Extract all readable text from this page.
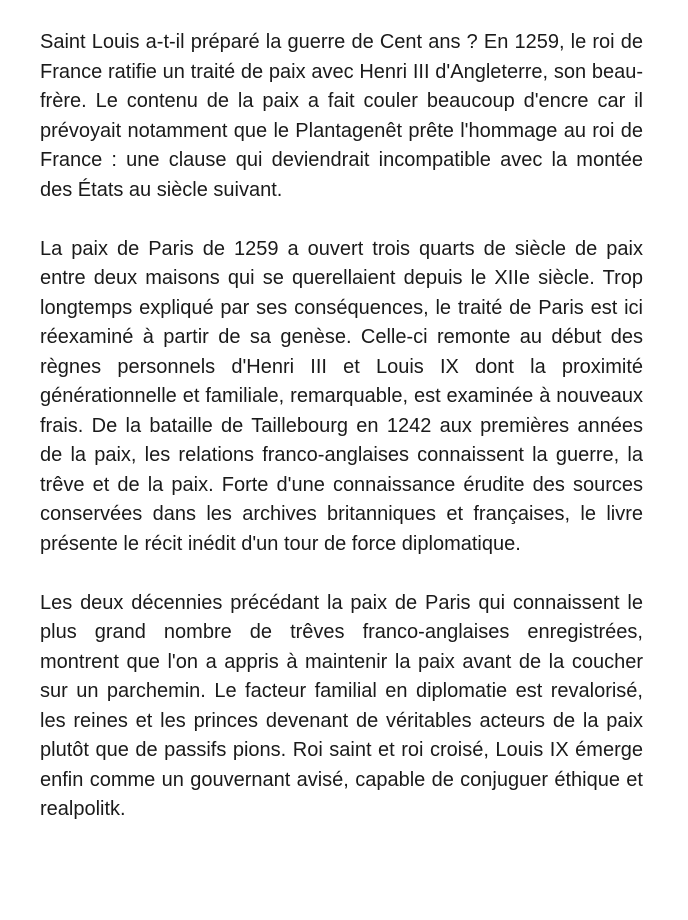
Saint Louis a-t-il préparé la guerre de Cent ans ? En 1259, le roi de France ratifie un traité de paix avec Henri III d'Angleterre, son beau-frère. Le contenu de la paix a fait couler beaucoup d'encre car il prévoyait notamment que le Plantagenêt prête l'hommage au roi de France : une clause qui deviendrait incompatible avec la montée des États au siècle suivant.

La paix de Paris de 1259 a ouvert trois quarts de siècle de paix entre deux maisons qui se querellaient depuis le XIIe siècle. Trop longtemps expliqué par ses conséquences, le traité de Paris est ici réexaminé à partir de sa genèse. Celle-ci remonte au début des règnes personnels d'Henri III et Louis IX dont la proximité générationnelle et familiale, remarquable, est examinée à nouveaux frais. De la bataille de Taillebourg en 1242 aux premières années de la paix, les relations franco-anglaises connaissent la guerre, la trêve et de la paix. Forte d'une connaissance érudite des sources conservées dans les archives britanniques et françaises, le livre présente le récit inédit d'un tour de force diplomatique.

Les deux décennies précédant la paix de Paris qui connaissent le plus grand nombre de trêves franco-anglaises enregistrées, montrent que l'on a appris à maintenir la paix avant de la coucher sur un parchemin. Le facteur familial en diplomatie est revalorisé, les reines et les princes devenant de véritables acteurs de la paix plutôt que de passifs pions. Roi saint et roi croisé, Louis IX émerge enfin comme un gouvernant avisé, capable de conjuguer éthique et realpolitk.
